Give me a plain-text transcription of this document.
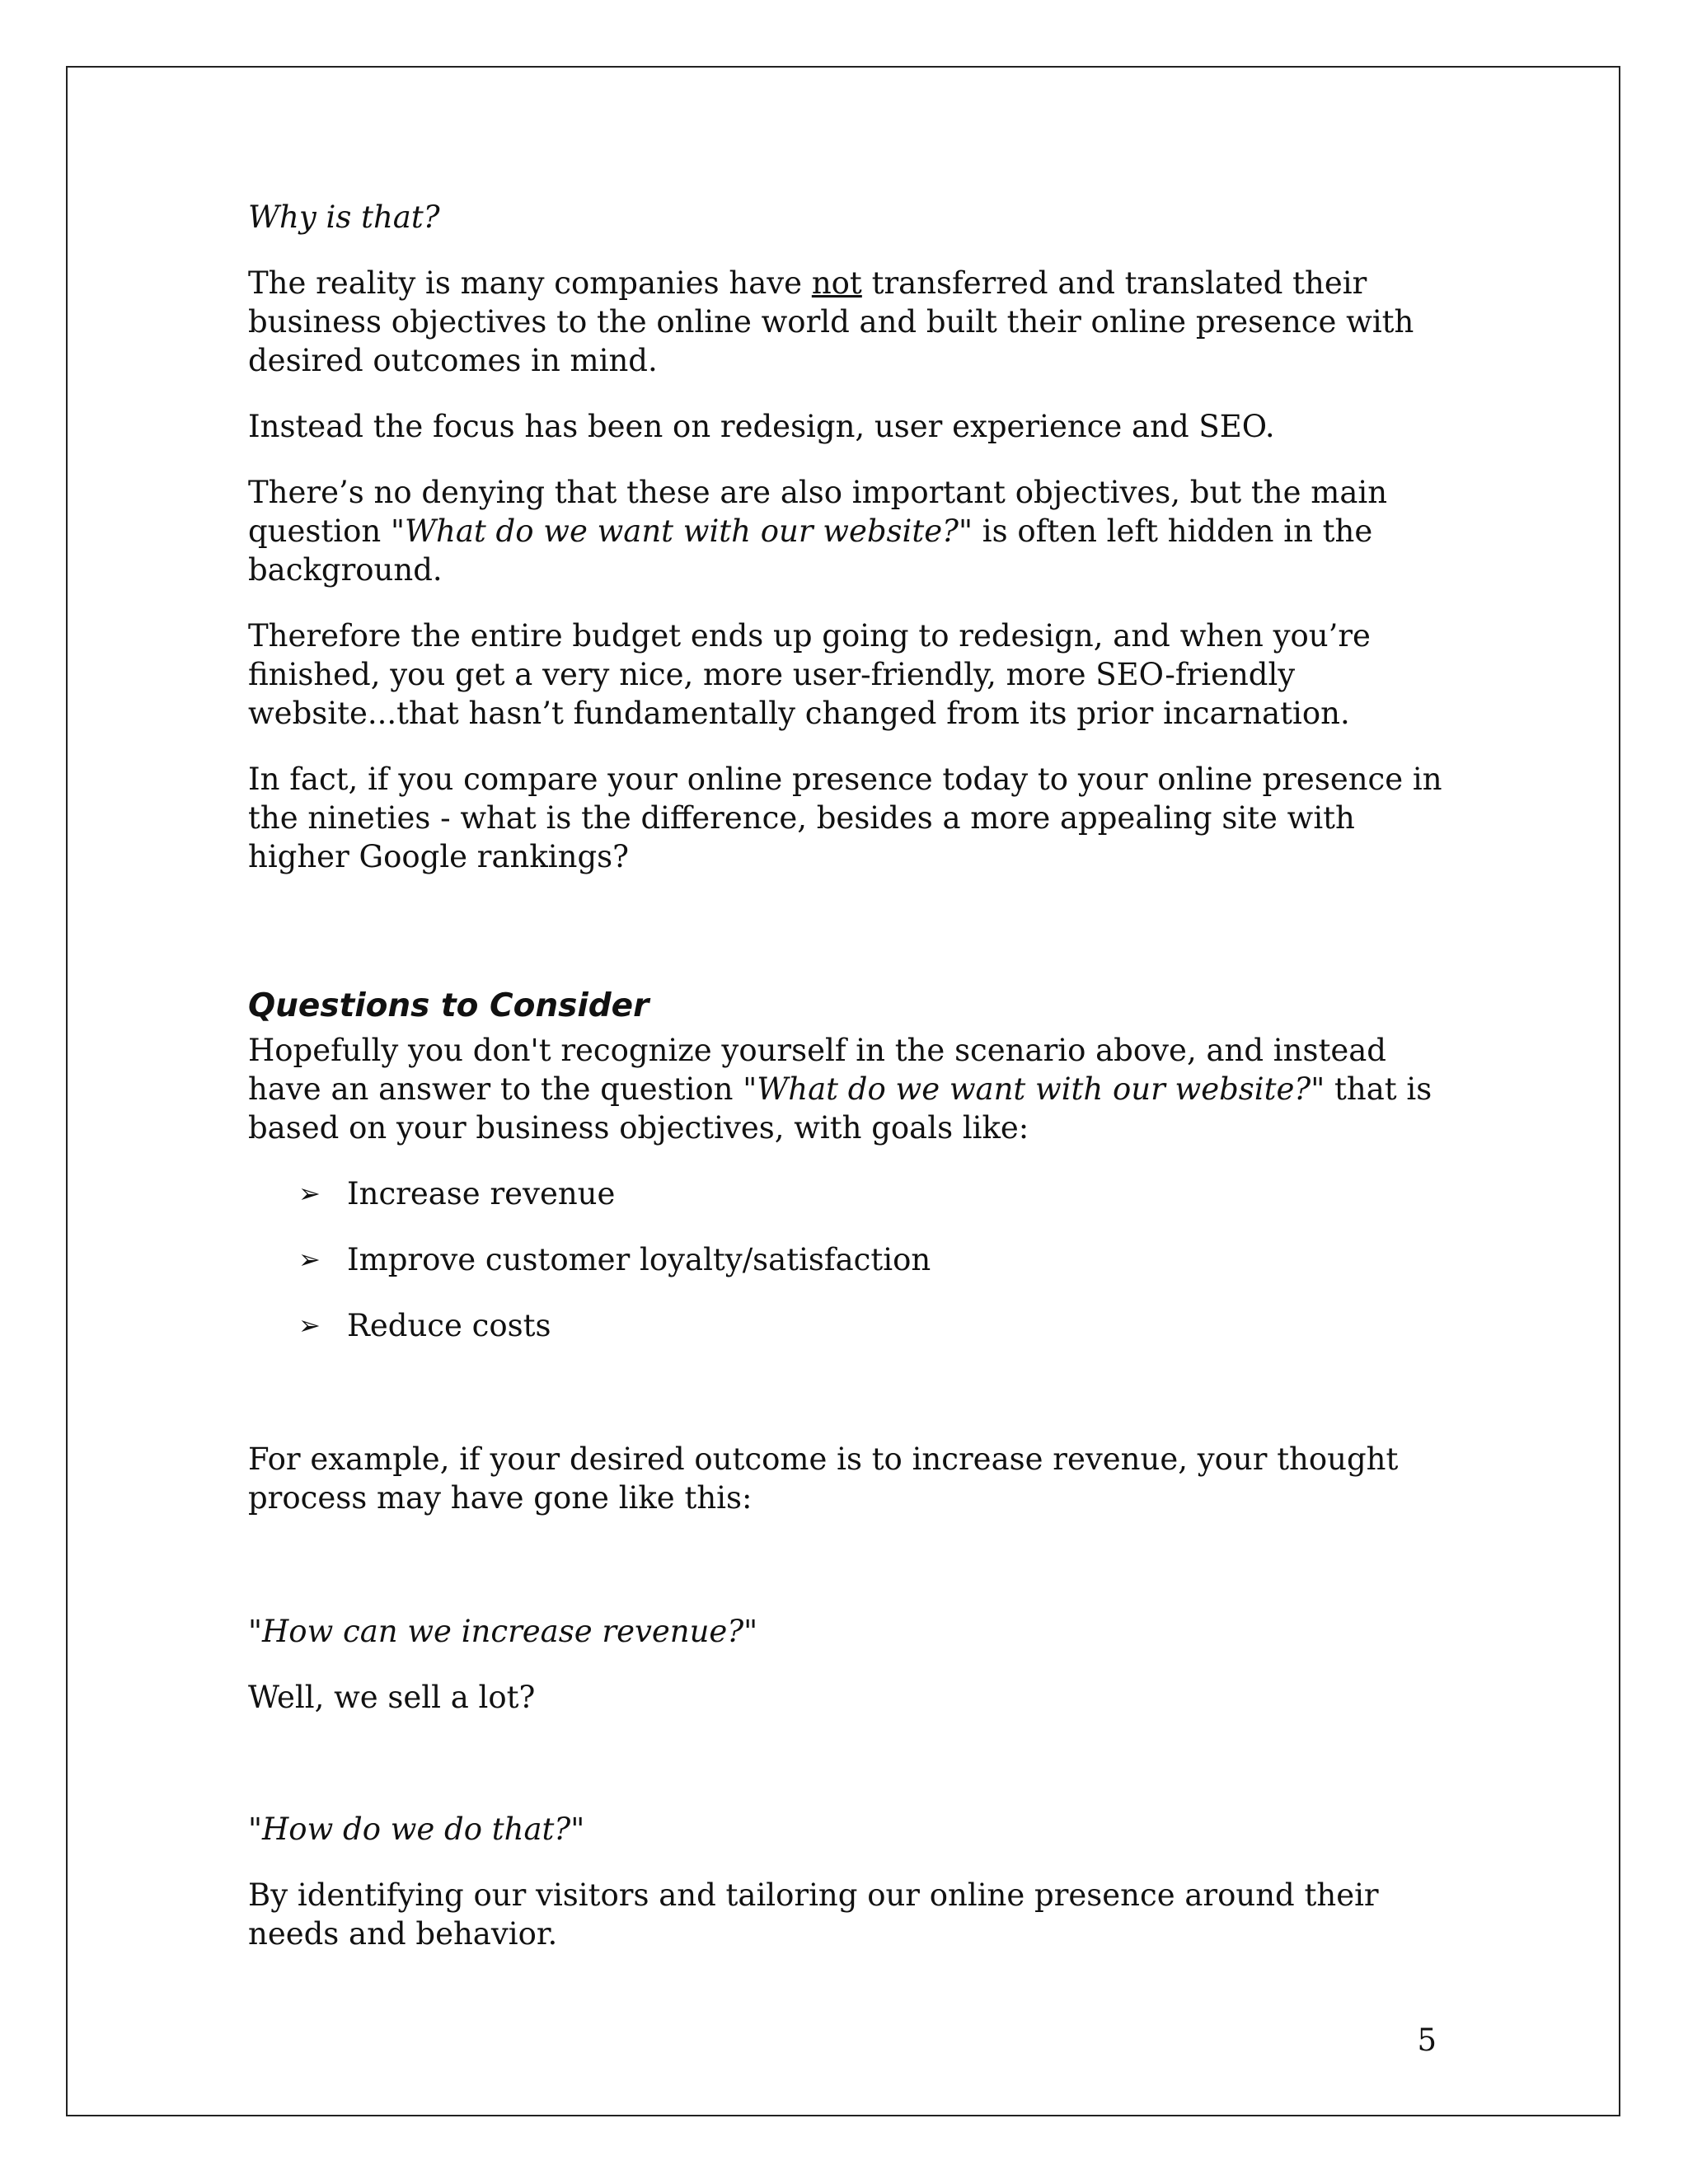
Why is that?

The reality is many companies have not transferred and translated their business objectives to the online world and built their online presence with desired outcomes in mind.

Instead the focus has been on redesign, user experience and SEO.

There’s no denying that these are also important objectives, but the main question "What do we want with our website?" is often left hidden in the background.

Therefore the entire budget ends up going to redesign, and when you’re finished, you get a very nice, more user-friendly, more SEO-friendly website...that hasn’t fundamentally changed from its prior incarnation.

In fact, if you compare your online presence today to your online presence in the nineties - what is the difference, besides a more appealing site with higher Google rankings?

Questions to Consider

Hopefully you don't recognize yourself in the scenario above, and instead have an answer to the question "What do we want with our website?" that is based on your business objectives, with goals like:

➢ Increase revenue
➢ Improve customer loyalty/satisfaction
➢ Reduce costs

For example, if your desired outcome is to increase revenue, your thought process may have gone like this:

"How can we increase revenue?"

Well, we sell a lot?

"How do we do that?"

By identifying our visitors and tailoring our online presence around their needs and behavior.

5
